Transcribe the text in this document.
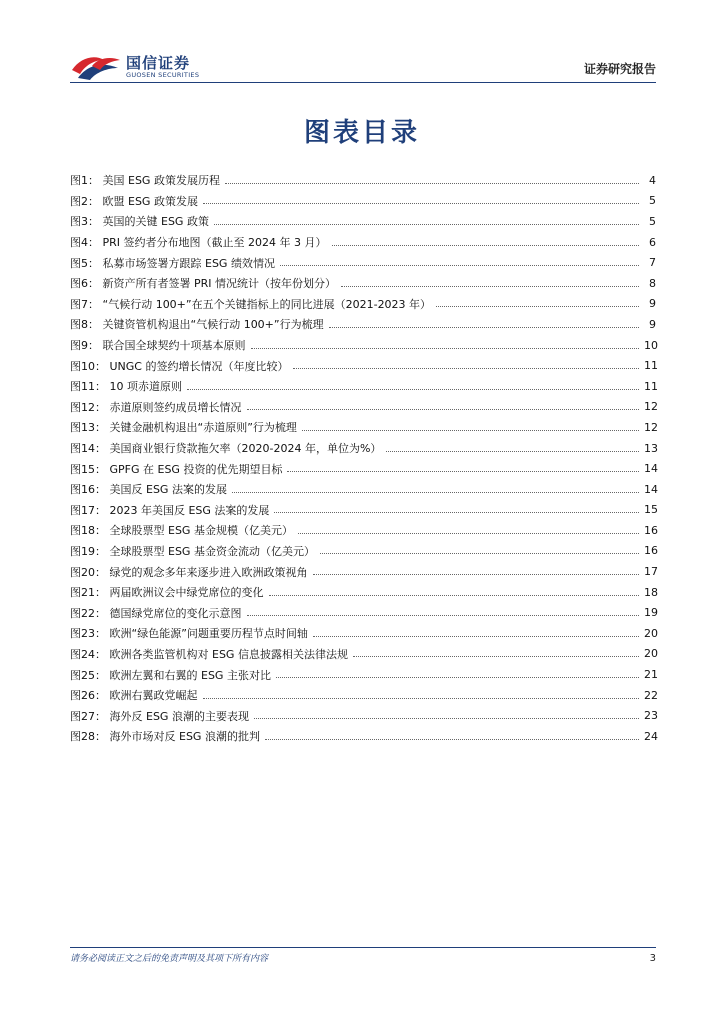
国信证券
GUOSEN SECURITIES	证券研究报告
图表目录
图1： 美国 ESG 政策发展历程	4
图2： 欧盟 ESG 政策发展	5
图3： 英国的关键 ESG 政策	5
图4： PRI 签约者分布地图（截止至 2024 年 3 月）	6
图5： 私募市场签署方跟踪 ESG 绩效情况	7
图6： 新资产所有者签署 PRI 情况统计（按年份划分）	8
图7： “气候行动 100+”在五个关键指标上的同比进展（2021-2023 年）	9
图8： 关键资管机构退出“气候行动 100+”行为梳理	9
图9： 联合国全球契约十项基本原则	10
图10： UNGC 的签约增长情况（年度比较）	11
图11： 10 项赤道原则	11
图12： 赤道原则签约成员增长情况	12
图13： 关键金融机构退出“赤道原则”行为梳理	12
图14： 美国商业银行贷款拖欠率（2020-2024 年，单位为%）	13
图15： GPFG 在 ESG 投资的优先期望目标	14
图16： 美国反 ESG 法案的发展	14
图17： 2023 年美国反 ESG 法案的发展	15
图18： 全球股票型 ESG 基金规模（亿美元）	16
图19： 全球股票型 ESG 基金资金流动（亿美元）	16
图20： 绿党的观念多年来逐步进入欧洲政策视角	17
图21： 两届欧洲议会中绿党席位的变化	18
图22： 德国绿党席位的变化示意图	19
图23： 欧洲“绿色能源”问题重要历程节点时间轴	20
图24： 欧洲各类监管机构对 ESG 信息披露相关法律法规	20
图25： 欧洲左翼和右翼的 ESG 主张对比	21
图26： 欧洲右翼政党崛起	22
图27： 海外反 ESG 浪潮的主要表现	23
图28： 海外市场对反 ESG 浪潮的批判	24
请务必阅读正文之后的免责声明及其项下所有内容	3
